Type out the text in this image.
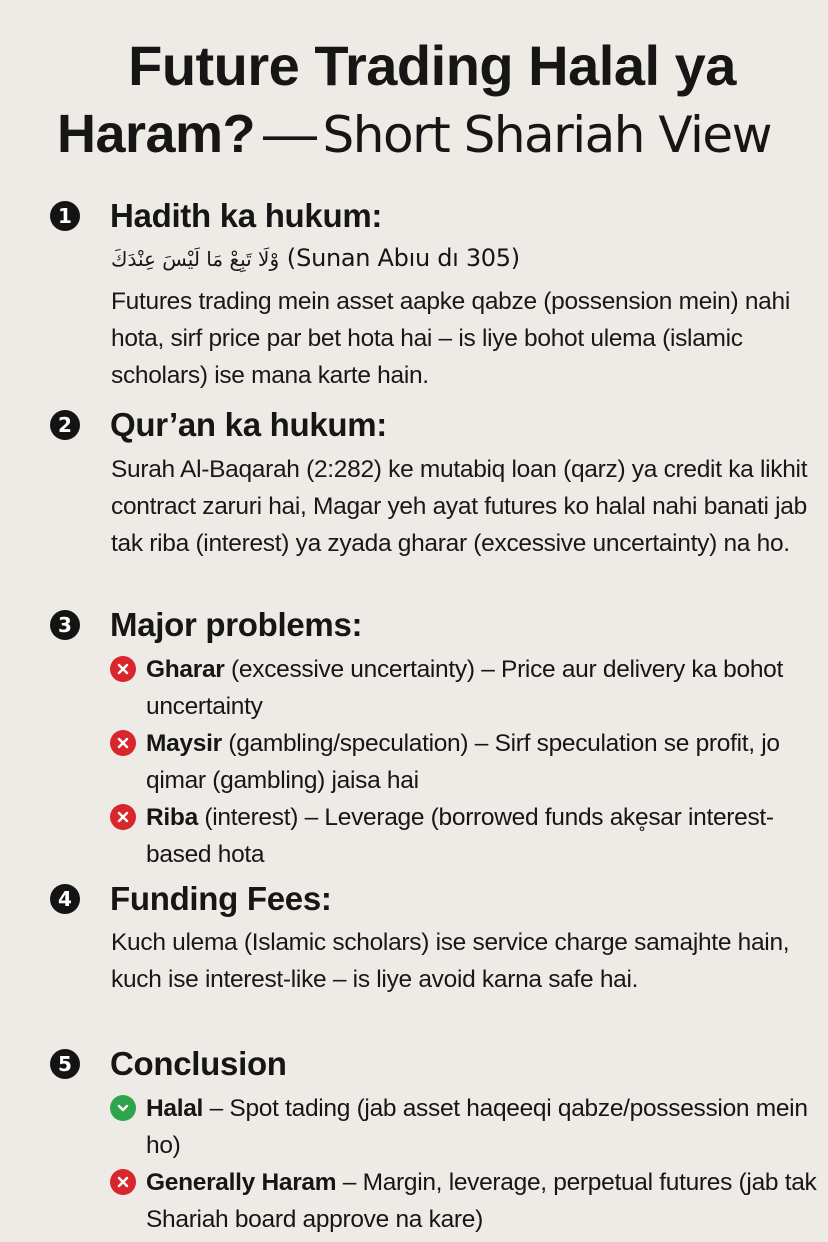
Future Trading Halal ya
Haram? — Short Shariah View
1 Hadith ka hukum:
وْلَا تَبِعْ مَا لَيْسَ عِنْدَكَ (Sunan Abıu dı 305)
Futures trading mein asset aapke qabze (possension mein) nahi hota, sirf price par bet hota hai – is liye bohot ulema (islamic scholars) ise mana karte hain.
2 Qur’an ka hukum:
Surah Al-Baqarah (2:282) ke mutabiq loan (qarz) ya credit ka likhit contract zaruri hai, Magar yeh ayat futures ko halal nahi banati jab tak riba (interest) ya zyada gharar (excessive uncertainty) na ho.
3 Major problems:
Gharar (excessive uncertainty) – Price aur delivery ka bohot uncertainty
Maysir (gambling/speculation) – Sirf speculation se profit, jo qimar (gambling) jaisa hai
Riba (interest) – Leverage (borrowed funds ake̥sar interest-based hota
4 Funding Fees:
Kuch ulema (Islamic scholars) ise service charge samajhte hain, kuch ise interest-like – is liye avoid karna safe hai.
5 Conclusion
Halal – Spot tading (jab asset haqeeqi qabze/possession mein ho)
Generally Haram – Margin, leverage, perpetual futures (jab tak Shariah board approve na kare)
